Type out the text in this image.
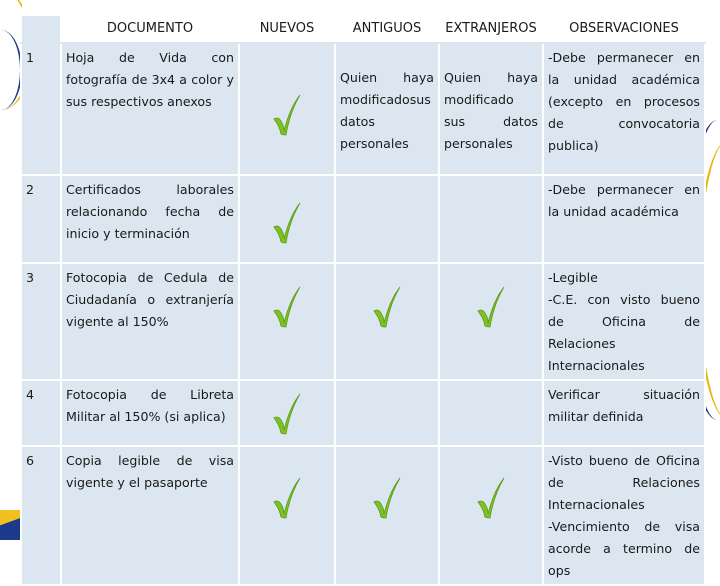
	DOCUMENTO	NUEVOS	ANTIGUOS	EXTRANJEROS	OBSERVACIONES
1	Hoja de Vida con fotografía de 3x4 a color y sus respectivos anexos		Quien haya modificadosus datos personales	Quien haya modificado sus datos personales	-Debe permanecer en la unidad académica (excepto en procesos de convocatoria publica)
2	Certificados laborales relacionando fecha de inicio y terminación				-Debe permanecer en la unidad académica
3	Fotocopia de Cedula de Ciudadanía o extranjería vigente al 150%				-Legible
-C.E. con visto bueno de Oficina de Relaciones Internacionales
4	Fotocopia de Libreta Militar al 150% (si aplica)				Verificar situación militar definida
6	Copia legible de visa vigente y el pasaporte				-Visto bueno de Oficina de Relaciones Internacionales
-Vencimiento de visa acorde a termino de ops
